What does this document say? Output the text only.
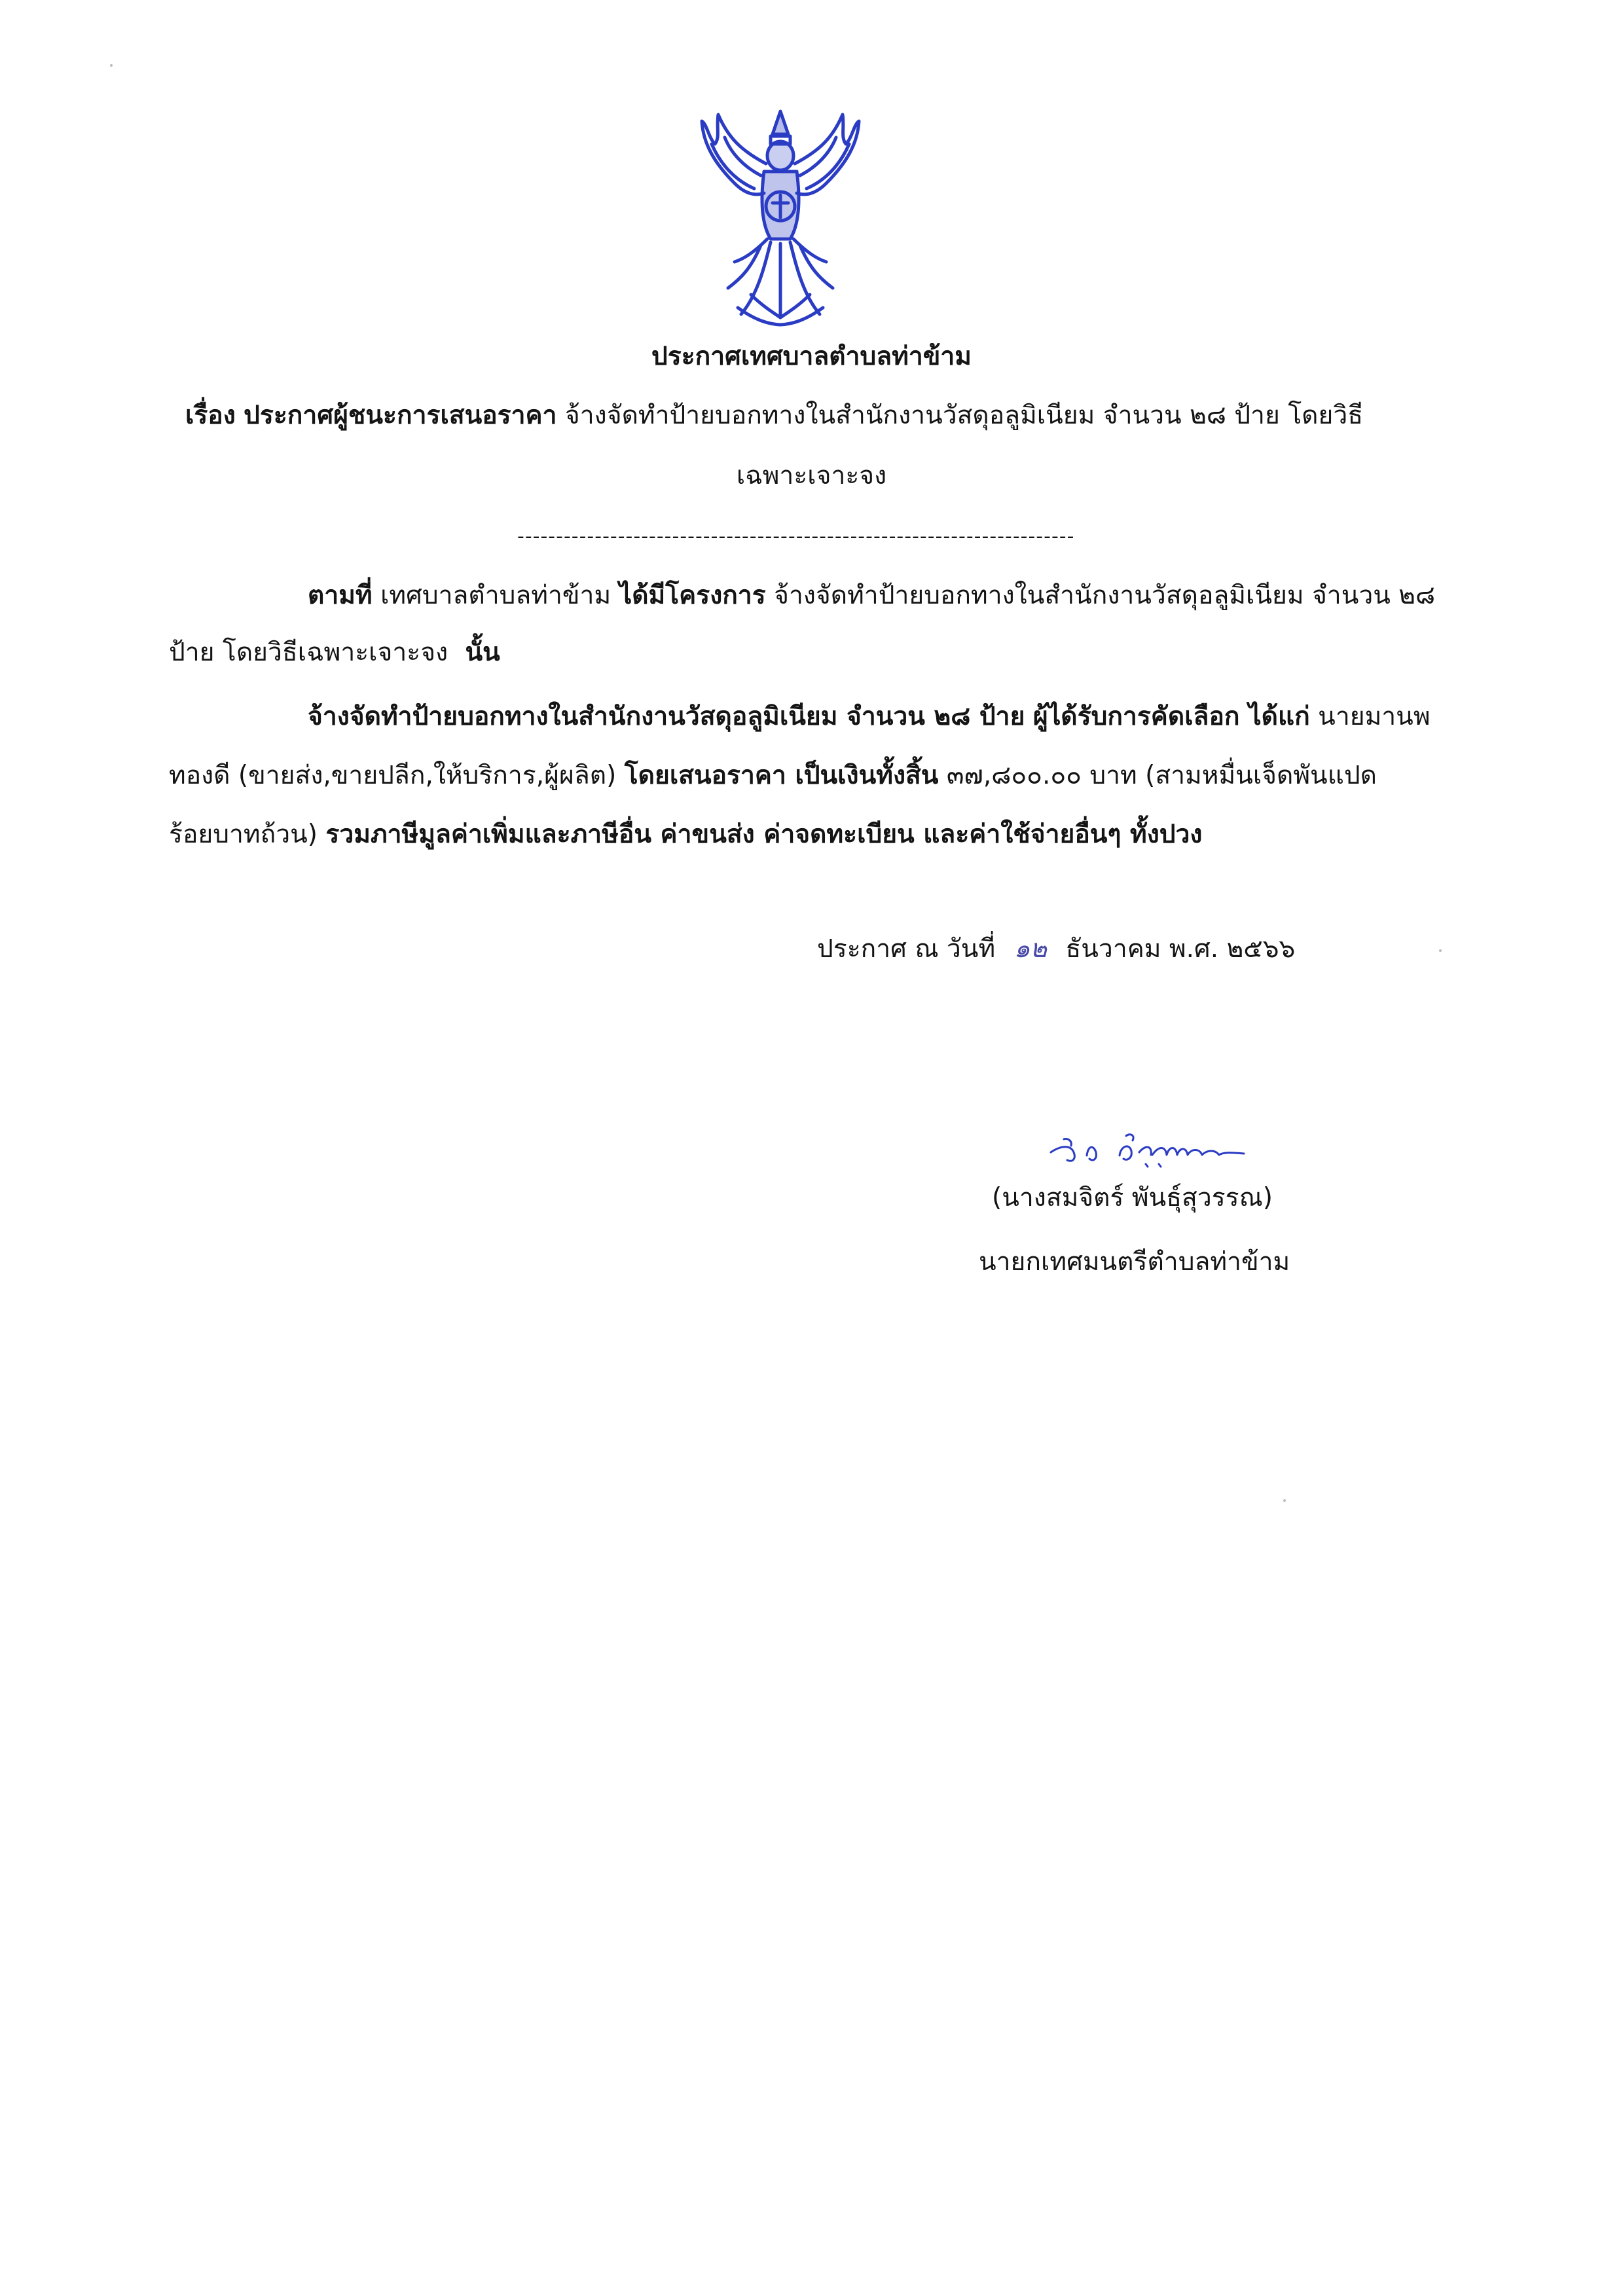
ประกาศเทศบาลตำบลท่าข้าม
เรื่อง ประกาศผู้ชนะการเสนอราคา จ้างจัดทำป้ายบอกทางในสำนักงานวัสดุอลูมิเนียม จำนวน ๒๘ ป้าย โดยวิธี
เฉพาะเจาะจง
------------------------------------------------------------------------
ตามที่ เทศบาลตำบลท่าข้าม ได้มีโครงการ จ้างจัดทำป้ายบอกทางในสำนักงานวัสดุอลูมิเนียม จำนวน ๒๘
ป้าย โดยวิธีเฉพาะเจาะจง นั้น
จ้างจัดทำป้ายบอกทางในสำนักงานวัสดุอลูมิเนียม จำนวน ๒๘ ป้าย ผู้ได้รับการคัดเลือก ได้แก่ นายมานพ
ทองดี (ขายส่ง,ขายปลีก,ให้บริการ,ผู้ผลิต) โดยเสนอราคา เป็นเงินทั้งสิ้น ๓๗,๘๐๐.๐๐ บาท (สามหมื่นเจ็ดพันแปด
ร้อยบาทถ้วน) รวมภาษีมูลค่าเพิ่มและภาษีอื่น ค่าขนส่ง ค่าจดทะเบียน และค่าใช้จ่ายอื่นๆ ทั้งปวง
ประกาศ ณ วันที่ ๑๒ ธันวาคม พ.ศ. ๒๕๖๖
(นางสมจิตร์ พันธุ์สุวรรณ)
นายกเทศมนตรีตำบลท่าข้าม
